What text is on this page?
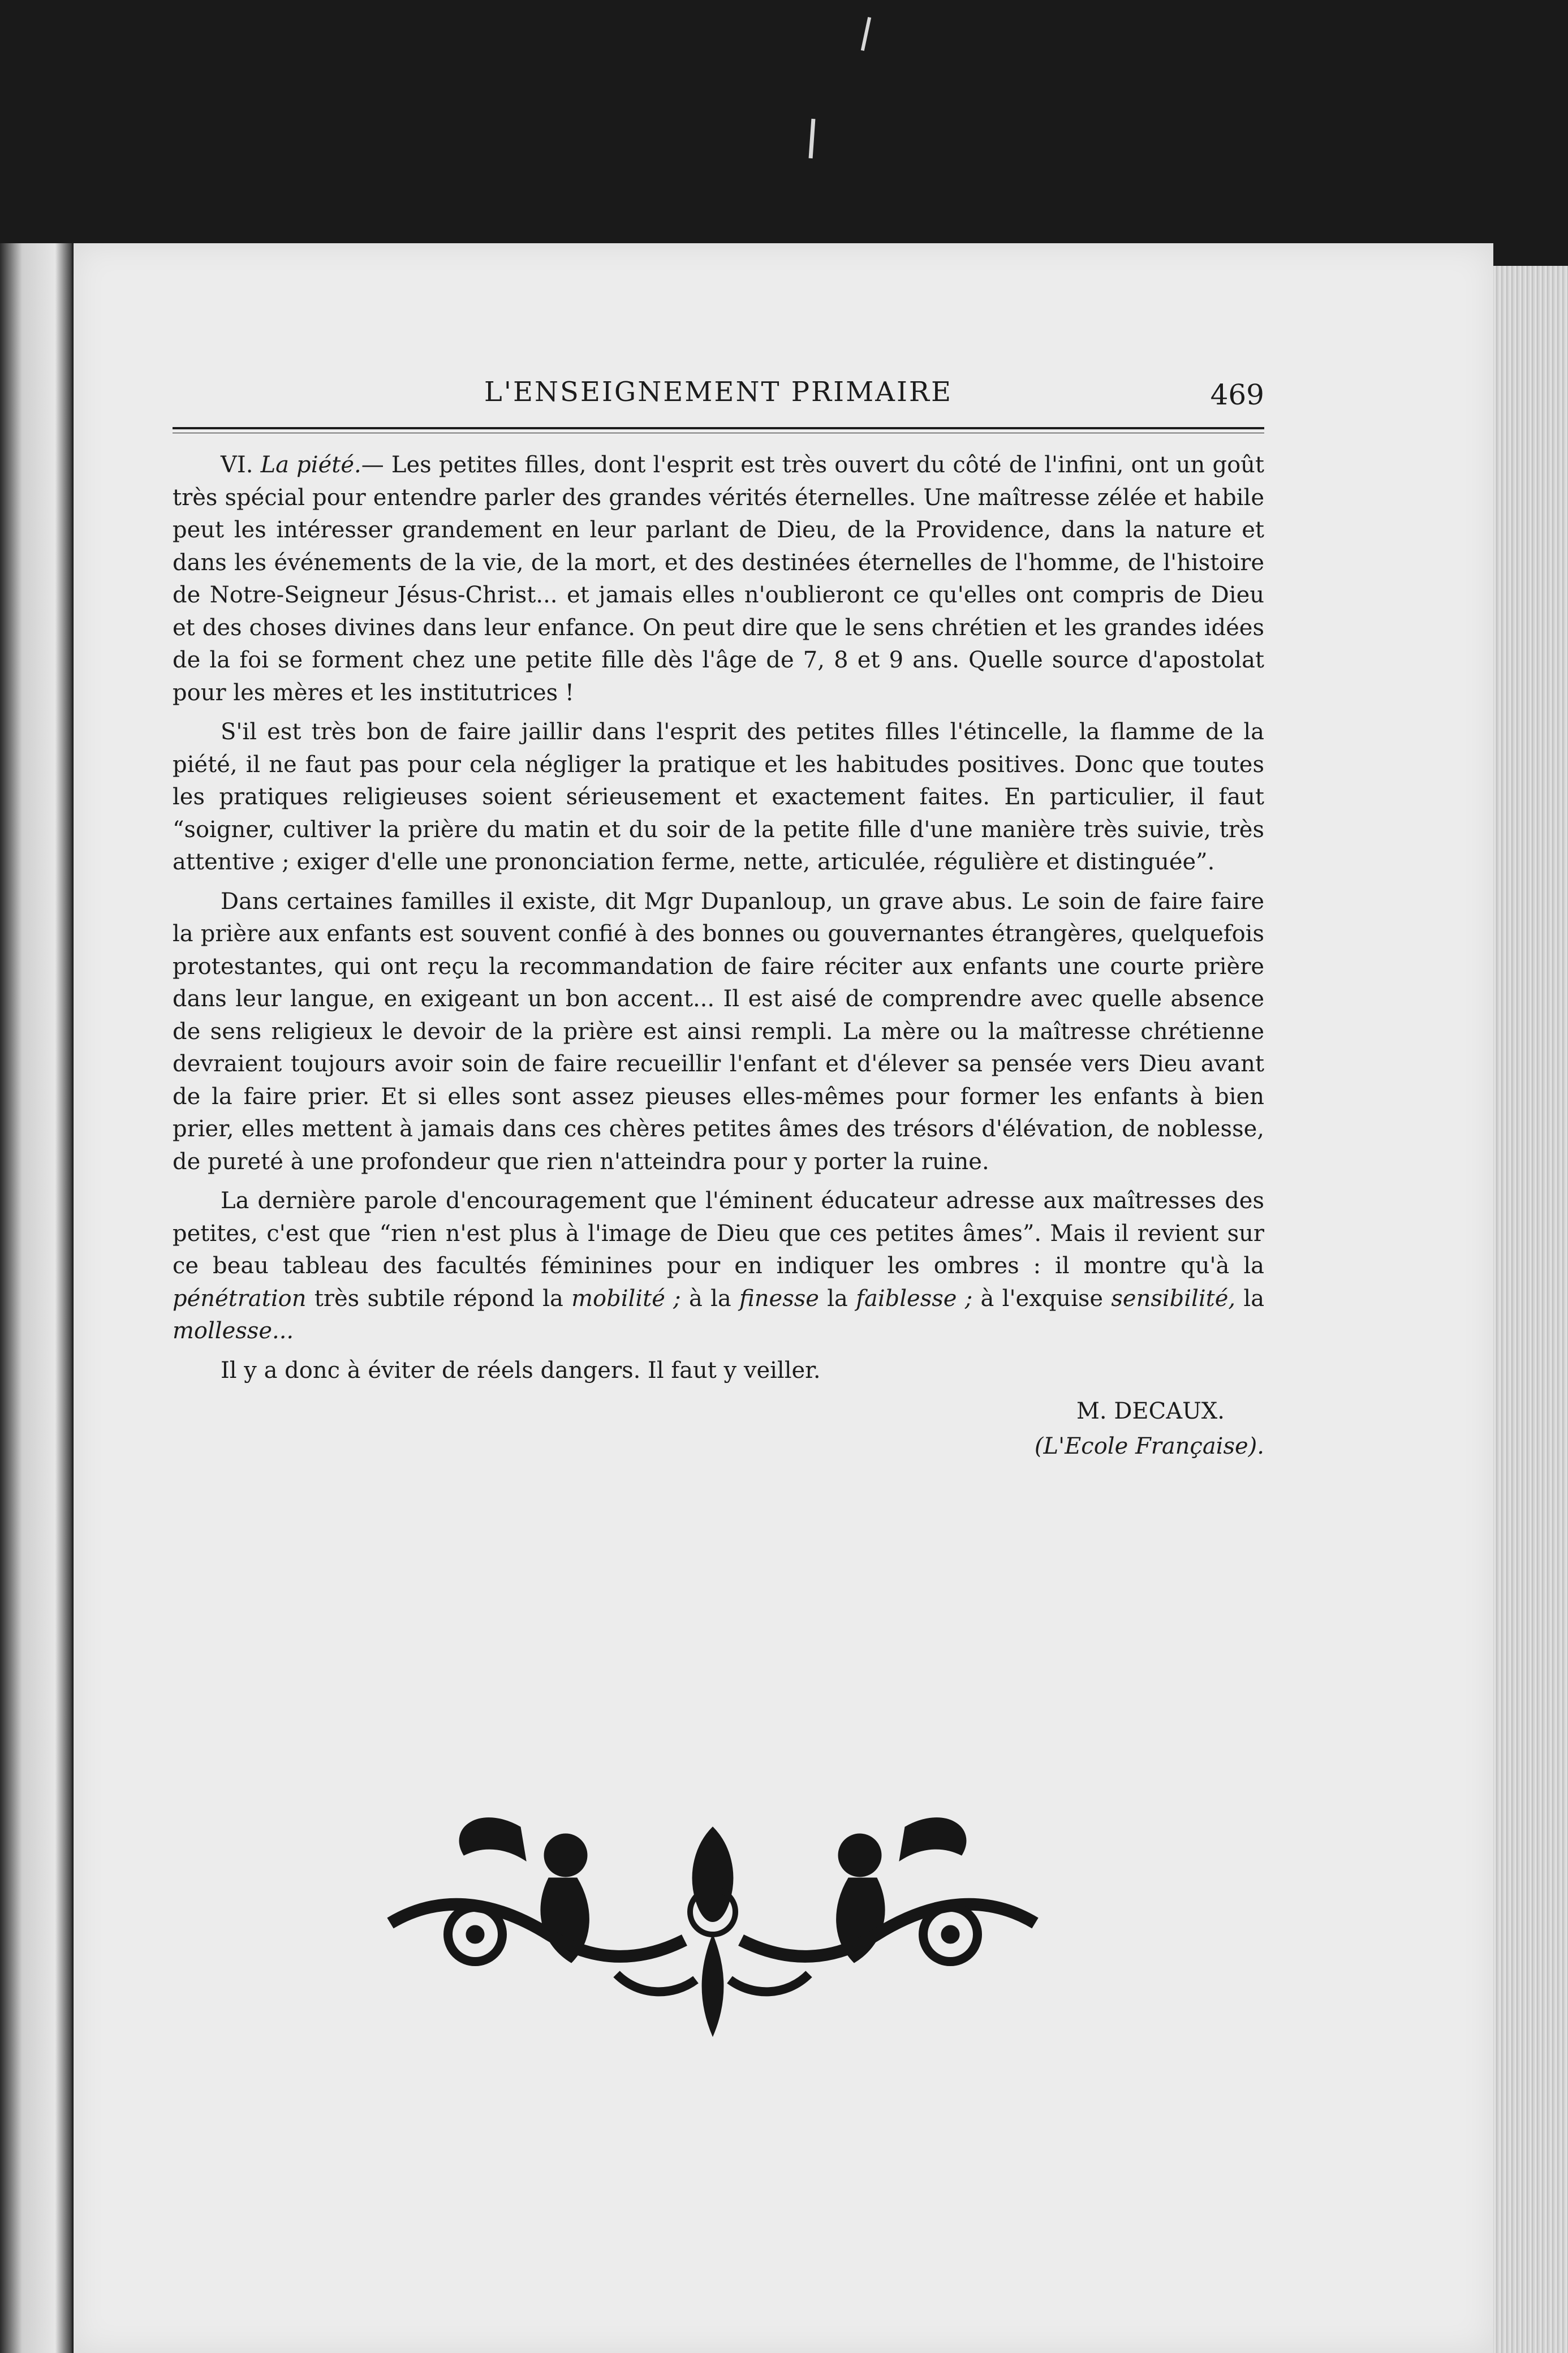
L'ENSEIGNEMENT PRIMAIRE	469

VI. La piété.— Les petites filles, dont l'esprit est très ouvert du côté de l'infini, ont un goût très spécial pour entendre parler des grandes vérités éternelles. Une maîtresse zélée et habile peut les intéresser grandement en leur parlant de Dieu, de la Providence, dans la nature et dans les événements de la vie, de la mort, et des destinées éternelles de l'homme, de l'histoire de Notre-Seigneur Jésus-Christ... et jamais elles n'oublieront ce qu'elles ont compris de Dieu et des choses divines dans leur enfance. On peut dire que le sens chrétien et les grandes idées de la foi se forment chez une petite fille dès l'âge de 7, 8 et 9 ans. Quelle source d'apostolat pour les mères et les institutrices !

S'il est très bon de faire jaillir dans l'esprit des petites filles l'étincelle, la flamme de la piété, il ne faut pas pour cela négliger la pratique et les habitudes positives. Donc que toutes les pratiques religieuses soient sérieusement et exactement faites. En particulier, il faut “soigner, cultiver la prière du matin et du soir de la petite fille d'une manière très suivie, très attentive ; exiger d'elle une prononciation ferme, nette, articulée, régulière et distinguée”.

Dans certaines familles il existe, dit Mgr Dupanloup, un grave abus. Le soin de faire faire la prière aux enfants est souvent confié à des bonnes ou gouvernantes étrangères, quelquefois protestantes, qui ont reçu la recommandation de faire réciter aux enfants une courte prière dans leur langue, en exigeant un bon accent... Il est aisé de comprendre avec quelle absence de sens religieux le devoir de la prière est ainsi rempli. La mère ou la maîtresse chrétienne devraient toujours avoir soin de faire recueillir l'enfant et d'élever sa pensée vers Dieu avant de la faire prier. Et si elles sont assez pieuses elles-mêmes pour former les enfants à bien prier, elles mettent à jamais dans ces chères petites âmes des trésors d'élévation, de noblesse, de pureté à une profondeur que rien n'atteindra pour y porter la ruine.

La dernière parole d'encouragement que l'éminent éducateur adresse aux maîtresses des petites, c'est que “rien n'est plus à l'image de Dieu que ces petites âmes”. Mais il revient sur ce beau tableau des facultés féminines pour en indiquer les ombres : il montre qu'à la pénétration très subtile répond la mobilité ; à la finesse la faiblesse ; à l'exquise sensibilité, la mollesse...

Il y a donc à éviter de réels dangers. Il faut y veiller.

M. DECAUX.
(L'Ecole Française).
